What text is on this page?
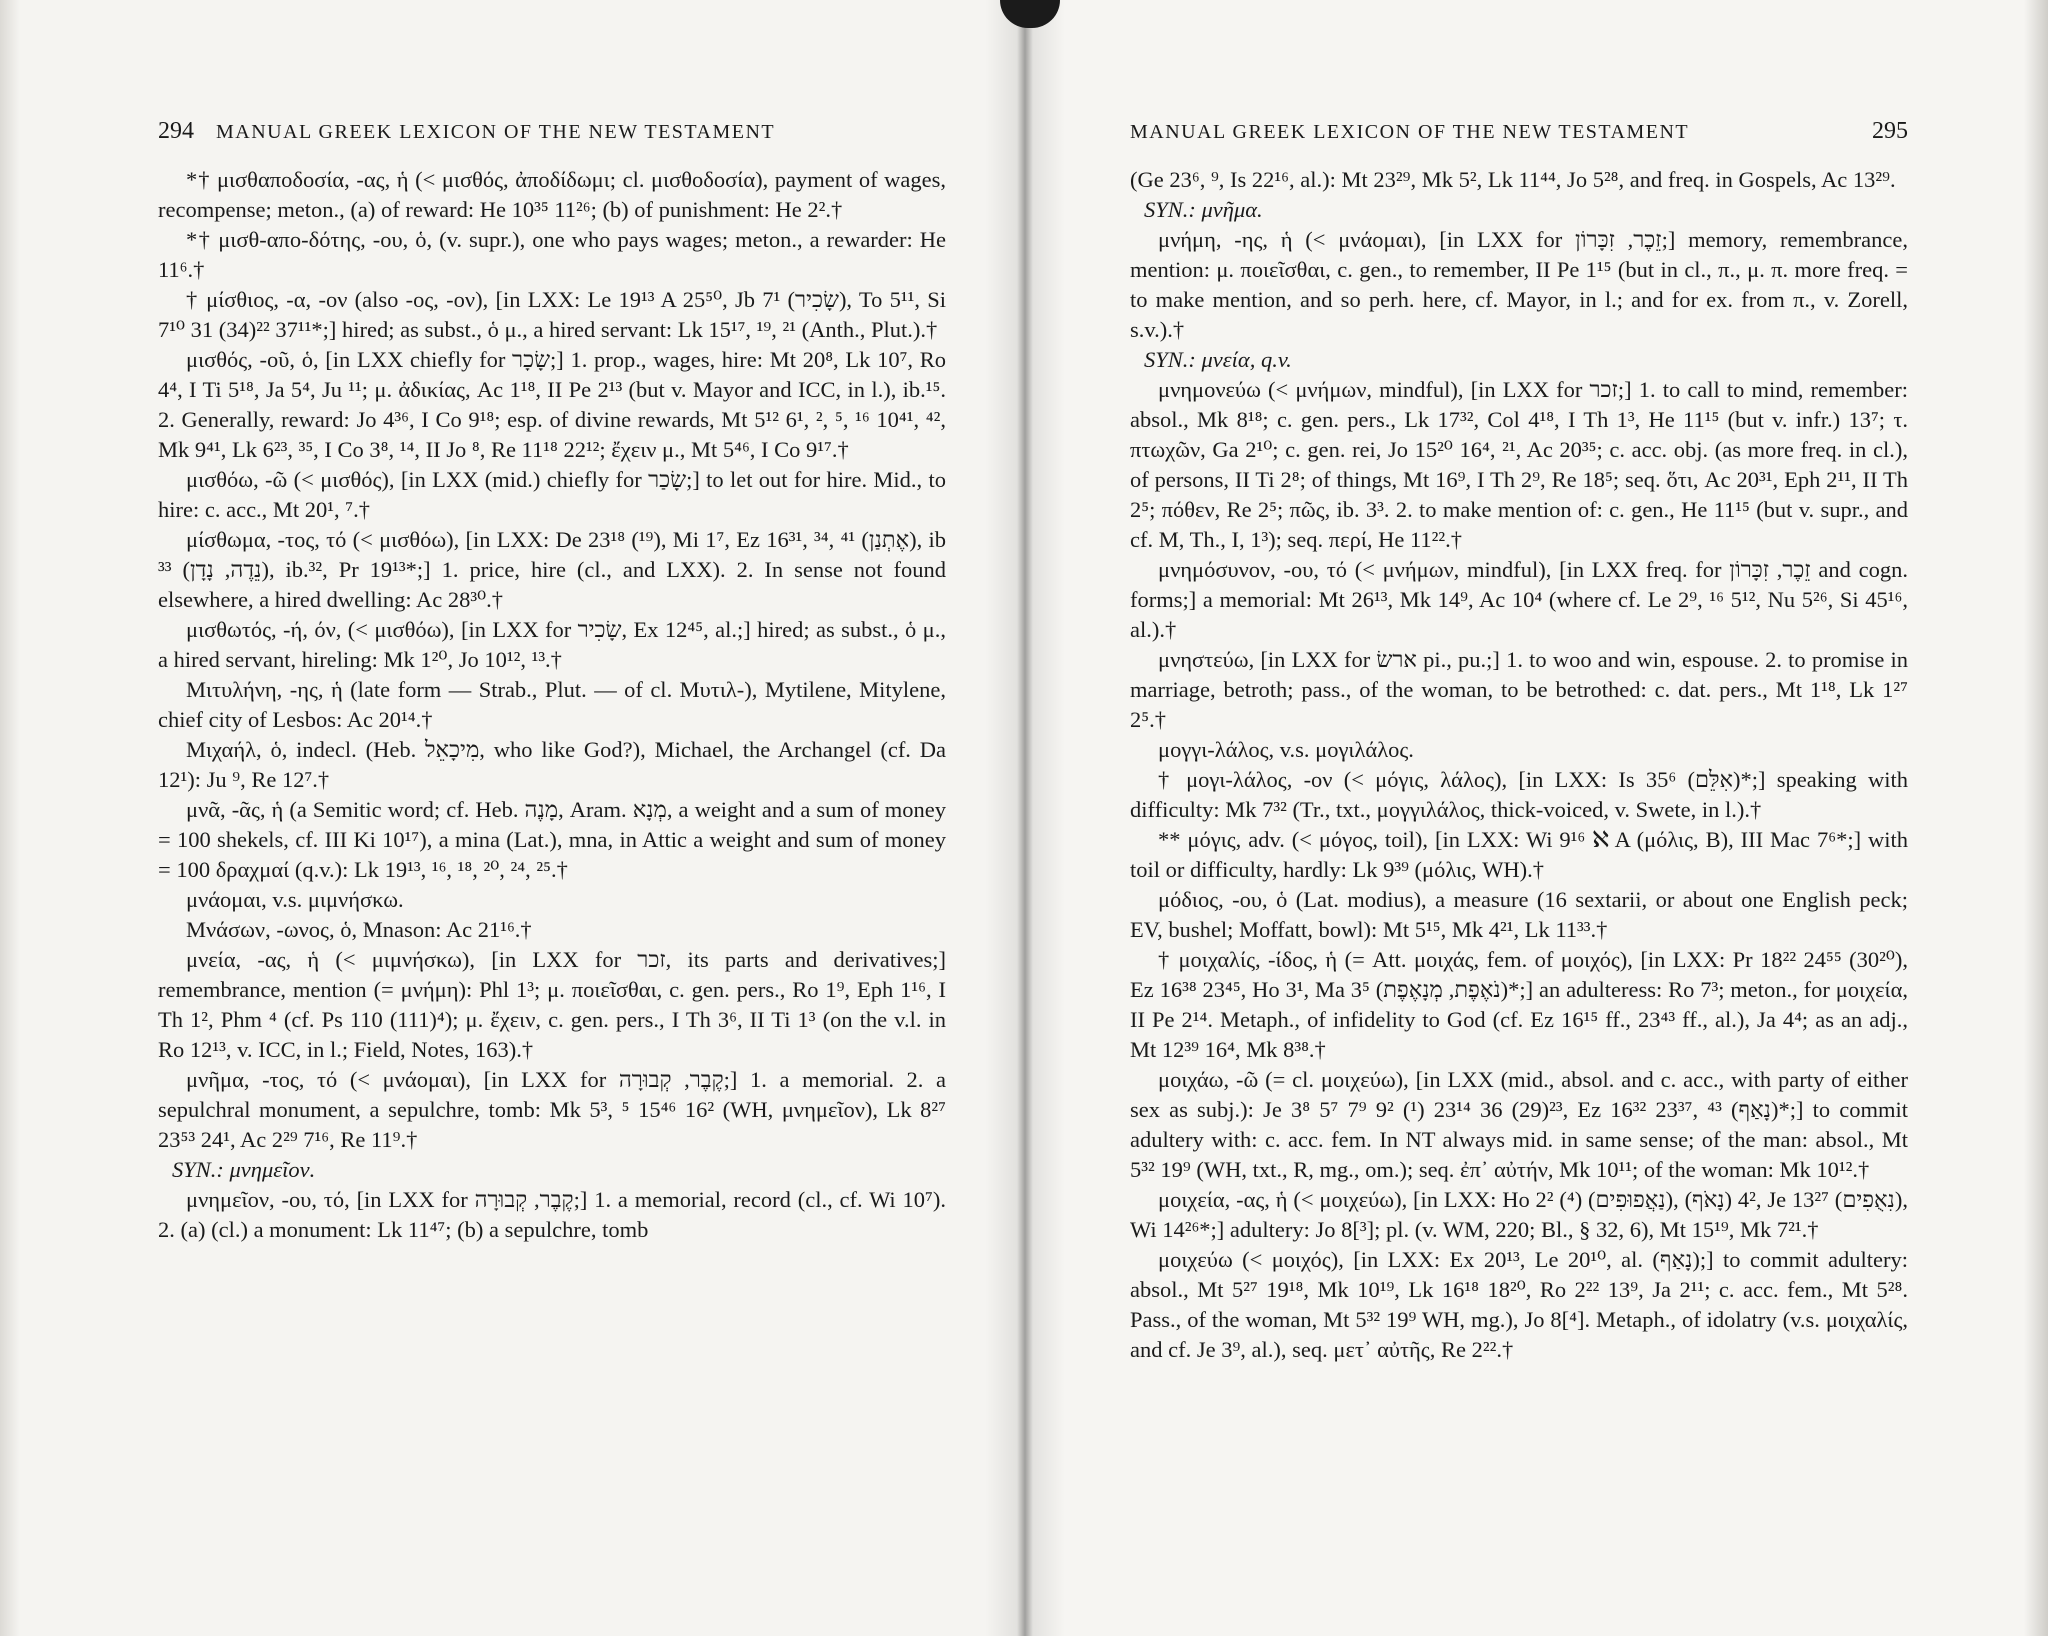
294 MANUAL GREEK LEXICON OF THE NEW TESTAMENT

*† μισθαποδοσία, -ας, ἡ (< μισθός, ἀποδίδωμι; cl. μισθοδοσία), payment of wages, recompense; meton., (a) of reward: He 10³⁵ 11²⁶; (b) of punishment: He 2².†

*† μισθ-απο-δότης, -ου, ὁ, (v. supr.), one who pays wages; meton., a rewarder: He 11⁶.†

† μίσθιος, -α, -ον (also -ος, -ον), [in LXX: Le 19¹³ A 25⁵⁰, Jb 7¹ (שָׂכִיר), To 5¹¹, Si 7¹⁰ 31 (34)²² 37¹¹*;] hired; as subst., ὁ μ., a hired servant: Lk 15¹⁷, ¹⁹, ²¹ (Anth., Plut.).†

μισθός, -οῦ, ὁ, [in LXX chiefly for שָׂכָר;] 1. prop., wages, hire: Mt 20⁸, Lk 10⁷, Ro 4⁴, I Ti 5¹⁸, Ja 5⁴, Ju ¹¹; μ. ἀδικίας, Ac 1¹⁸, II Pe 2¹³ (but v. Mayor and ICC, in l.), ib.¹⁵. 2. Generally, reward: Jo 4³⁶, I Co 9¹⁸; esp. of divine rewards, Mt 5¹² 6¹, ², ⁵, ¹⁶ 10⁴¹, ⁴², Mk 9⁴¹, Lk 6²³, ³⁵, I Co 3⁸, ¹⁴, II Jo ⁸, Re 11¹⁸ 22¹²; ἔχειν μ., Mt 5⁴⁶, I Co 9¹⁷.†

μισθόω, -ῶ (< μισθός), [in LXX (mid.) chiefly for שָׂכַר;] to let out for hire. Mid., to hire: c. acc., Mt 20¹, ⁷.†

μίσθωμα, -τος, τό (< μισθόω), [in LXX: De 23¹⁸ (¹⁹), Mi 1⁷, Ez 16³¹, ³⁴, ⁴¹ (אֶתְנַן), ib ³³ (נֵדֶה, נָדָן), ib.³², Pr 19¹³*;] 1. price, hire (cl., and LXX). 2. In sense not found elsewhere, a hired dwelling: Ac 28³⁰.†

μισθωτός, -ή, όν, (< μισθόω), [in LXX for שָׂכִיר, Ex 12⁴⁵, al.;] hired; as subst., ὁ μ., a hired servant, hireling: Mk 1²⁰, Jo 10¹², ¹³.†

Μιτυλήνη, -ης, ἡ (late form — Strab., Plut. — of cl. Μυτιλ-), Mytilene, Mitylene, chief city of Lesbos: Ac 20¹⁴.†

Μιχαήλ, ὁ, indecl. (Heb. מִיכָאֵל, who like God?), Michael, the Archangel (cf. Da 12¹): Ju ⁹, Re 12⁷.†

μνᾶ, -ᾶς, ἡ (a Semitic word; cf. Heb. מָנֶה, Aram. מְנָא, a weight and a sum of money = 100 shekels, cf. III Ki 10¹⁷), a mina (Lat.), mna, in Attic a weight and sum of money = 100 δραχμαί (q.v.): Lk 19¹³, ¹⁶, ¹⁸, ²⁰, ²⁴, ²⁵.†

μνάομαι, v.s. μιμνήσκω.

Μνάσων, -ωνος, ὁ, Mnason: Ac 21¹⁶.†

μνεία, -ας, ἡ (< μιμνήσκω), [in LXX for זכר, its parts and derivatives;] remembrance, mention (= μνήμη): Phl 1³; μ. ποιεῖσθαι, c. gen. pers., Ro 1⁹, Eph 1¹⁶, I Th 1², Phm ⁴ (cf. Ps 110 (111)⁴); μ. ἔχειν, c. gen. pers., I Th 3⁶, II Ti 1³ (on the v.l. in Ro 12¹³, v. ICC, in l.; Field, Notes, 163).†

μνῆμα, -τος, τό (< μνάομαι), [in LXX for קֶבֶר, קְבוּרָה;] 1. a memorial. 2. a sepulchral monument, a sepulchre, tomb: Mk 5³, ⁵ 15⁴⁶ 16² (WH, μνημεῖον), Lk 8²⁷ 23⁵³ 24¹, Ac 2²⁹ 7¹⁶, Re 11⁹.†

SYN.: μνημεῖον.

μνημεῖον, -ου, τό, [in LXX for קֶבֶר, קְבוּרָה;] 1. a memorial, record (cl., cf. Wi 10⁷). 2. (a) (cl.) a monument: Lk 11⁴⁷; (b) a sepulchre, tomb

MANUAL GREEK LEXICON OF THE NEW TESTAMENT	295

(Ge 23⁶, ⁹, Is 22¹⁶, al.): Mt 23²⁹, Mk 5², Lk 11⁴⁴, Jo 5²⁸, and freq. in Gospels, Ac 13²⁹.

SYN.: μνῆμα.

μνήμη, -ης, ἡ (< μνάομαι), [in LXX for זֵכֶר, זִכָּרוֹן;] memory, remembrance, mention: μ. ποιεῖσθαι, c. gen., to remember, II Pe 1¹⁵ (but in cl., π., μ. π. more freq. = to make mention, and so perh. here, cf. Mayor, in l.; and for ex. from π., v. Zorell, s.v.).†

SYN.: μνεία, q.v.

μνημονεύω (< μνήμων, mindful), [in LXX for זכר;] 1. to call to mind, remember: absol., Mk 8¹⁸; c. gen. pers., Lk 17³², Col 4¹⁸, I Th 1³, He 11¹⁵ (but v. infr.) 13⁷; τ. πτωχῶν, Ga 2¹⁰; c. gen. rei, Jo 15²⁰ 16⁴, ²¹, Ac 20³⁵; c. acc. obj. (as more freq. in cl.), of persons, II Ti 2⁸; of things, Mt 16⁹, I Th 2⁹, Re 18⁵; seq. ὅτι, Ac 20³¹, Eph 2¹¹, II Th 2⁵; πόθεν, Re 2⁵; πῶς, ib. 3³. 2. to make mention of: c. gen., He 11¹⁵ (but v. supr., and cf. M, Th., I, 1³); seq. περί, He 11²².†

μνημόσυνον, -ου, τό (< μνήμων, mindful), [in LXX freq. for זֵכֶר, זִכָּרוֹן and cogn. forms;] a memorial: Mt 26¹³, Mk 14⁹, Ac 10⁴ (where cf. Le 2⁹, ¹⁶ 5¹², Nu 5²⁶, Si 45¹⁶, al.).†

μνηστεύω, [in LXX for ארשׂ pi., pu.;] 1. to woo and win, espouse. 2. to promise in marriage, betroth; pass., of the woman, to be betrothed: c. dat. pers., Mt 1¹⁸, Lk 1²⁷ 2⁵.†

μογγι-λάλος, v.s. μογιλάλος.

† μογι-λάλος, -ον (< μόγις, λάλος), [in LXX: Is 35⁶ (אִלֵּם)*;] speaking with difficulty: Mk 7³² (Tr., txt., μογγιλάλος, thick-voiced, v. Swete, in l.).†

** μόγις, adv. (< μόγος, toil), [in LXX: Wi 9¹⁶ ℵ A (μόλις, B), III Mac 7⁶*;] with toil or difficulty, hardly: Lk 9³⁹ (μόλις, WH).†

μόδιος, -ου, ὁ (Lat. modius), a measure (16 sextarii, or about one English peck; EV, bushel; Moffatt, bowl): Mt 5¹⁵, Mk 4²¹, Lk 11³³.†

† μοιχαλίς, -ίδος, ἡ (= Att. μοιχάς, fem. of μοιχός), [in LXX: Pr 18²² 24⁵⁵ (30²⁰), Ez 16³⁸ 23⁴⁵, Ho 3¹, Ma 3⁵ (נֹאֶפֶת, מְנָאֶפֶת)*;] an adulteress: Ro 7³; meton., for μοιχεία, II Pe 2¹⁴. Metaph., of infidelity to God (cf. Ez 16¹⁵ ff., 23⁴³ ff., al.), Ja 4⁴; as an adj., Mt 12³⁹ 16⁴, Mk 8³⁸.†

μοιχάω, -ῶ (= cl. μοιχεύω), [in LXX (mid., absol. and c. acc., with party of either sex as subj.): Je 3⁸ 5⁷ 7⁹ 9² (¹) 23¹⁴ 36 (29)²³, Ez 16³² 23³⁷, ⁴³ (נָאַף)*;] to commit adultery with: c. acc. fem. In NT always mid. in same sense; of the man: absol., Mt 5³² 19⁹ (WH, txt., R, mg., om.); seq. ἐπ᾽ αὐτήν, Mk 10¹¹; of the woman: Mk 10¹².†

μοιχεία, -ας, ἡ (< μοιχεύω), [in LXX: Ho 2² (⁴) (נַאֲפוּפִים), 4² (נָאֹף), Je 13²⁷ (נִאֻפִים), Wi 14²⁶*;] adultery: Jo 8[³]; pl. (v. WM, 220; Bl., § 32, 6), Mt 15¹⁹, Mk 7²¹.†

μοιχεύω (< μοιχός), [in LXX: Ex 20¹³, Le 20¹⁰, al. (נָאַף);] to commit adultery: absol., Mt 5²⁷ 19¹⁸, Mk 10¹⁹, Lk 16¹⁸ 18²⁰, Ro 2²² 13⁹, Ja 2¹¹; c. acc. fem., Mt 5²⁸. Pass., of the woman, Mt 5³² 19⁹ WH, mg.), Jo 8[⁴]. Metaph., of idolatry (v.s. μοιχαλίς, and cf. Je 3⁹, al.), seq. μετ᾽ αὐτῆς, Re 2²².†
